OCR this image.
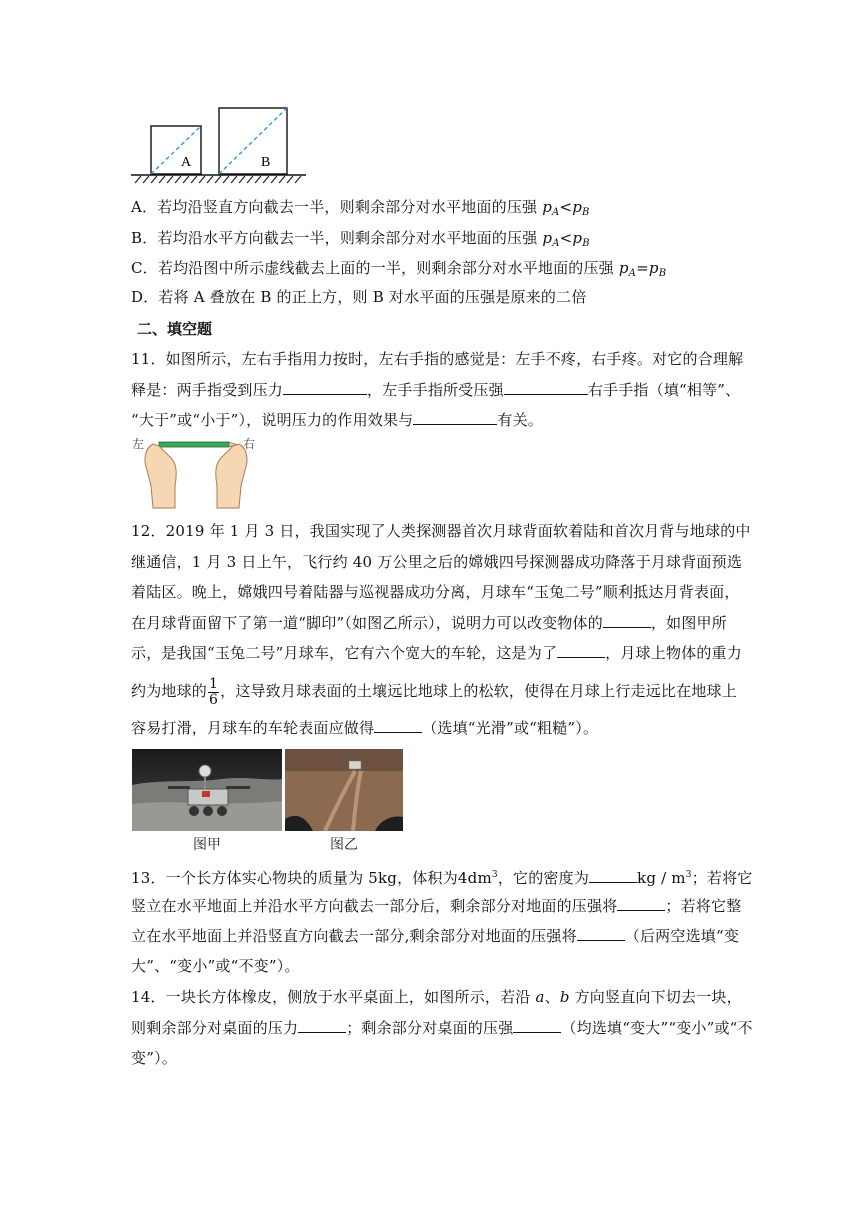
A	B
A．若均沿竖直方向截去一半，则剩余部分对水平地面的压强 $p_A<p_B$
B．若均沿水平方向截去一半，则剩余部分对水平地面的压强 $p_A<p_B$
C．若均沿图中所示虚线截去上面的一半，则剩余部分对水平地面的压强 $p_A=p_B$
D．若将 A 叠放在 B 的正上方，则 B 对水平面的压强是原来的二倍
二、填空题
11．如图所示，左右手指用力按时，左右手指的感觉是：左手不疼，右手疼。对它的合理解
释是：两手指受到压力	，左手手指所受压强	右手手指（填“相等”、
“大于”或“小于”），说明压力的作用效果与	有关。
左	右
12．2019 年 1 月 3 日，我国实现了人类探测器首次月球背面软着陆和首次月背与地球的中
继通信，1 月 3 日上午，飞行约 40 万公里之后的嫦娥四号探测器成功降落于月球背面预选
着陆区。晚上，嫦娥四号着陆器与巡视器成功分离，月球车“玉兔二号”顺利抵达月背表面，
在月球背面留下了第一道“脚印”（如图乙所示），说明力可以改变物体的	，如图甲所
示，是我国“玉兔二号”月球车，它有六个宽大的车轮，这是为了	，月球上物体的重力
约为地球的 $\frac{1}{6}$ ，这导致月球表面的土壤远比地球上的松软，使得在月球上行走远比在地球上
容易打滑，月球车的车轮表面应做得	（选填“光滑”或“粗糙”）。
图甲	图乙
13．一个长方体实心物块的质量为 5kg，体积为$4dm^3$，它的密度为	kg / $m^3$；若将它
竖立在水平地面上并沿水平方向截去一部分后，剩余部分对地面的压强将	；若将它整
立在水平地面上并沿竖直方向截去一部分,剩余部分对地面的压强将	（后两空选填“变
大”、“变小”或“不变”）。
14．一块长方体橡皮，侧放于水平桌面上，如图所示，若沿 a、b 方向竖直向下切去一块，
则剩余部分对桌面的压力	；剩余部分对桌面的压强	（均选填“变大”“变小”或“不
变”）。
